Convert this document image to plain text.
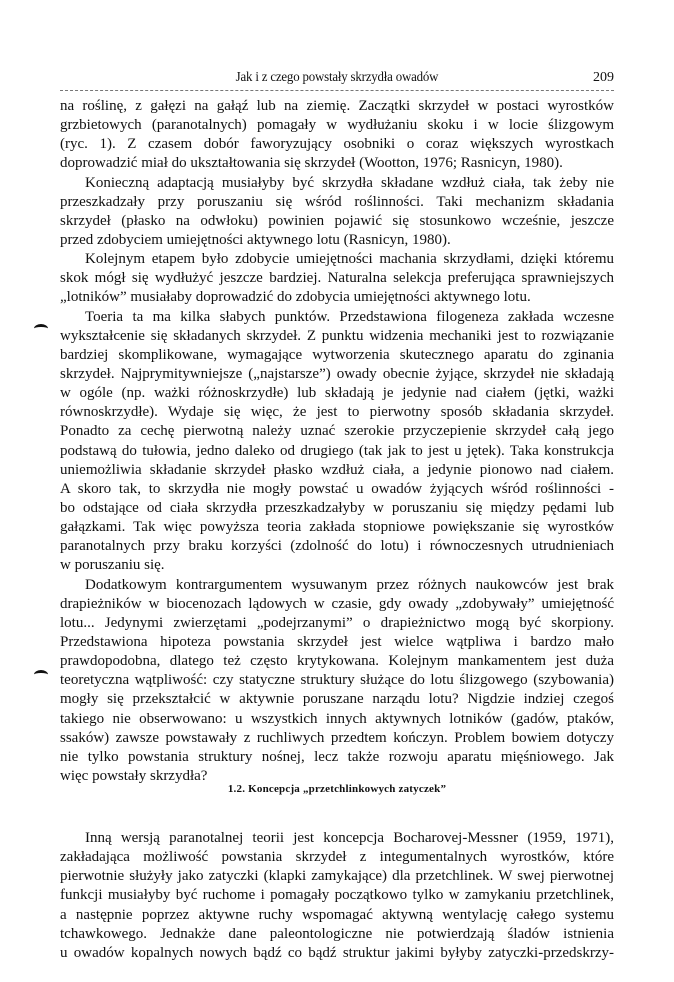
Jak i z czego powstały skrzydła owadów	209
na roślinę, z gałęzi na gałąź lub na ziemię. Zaczątki skrzydeł w postaci wyrostków
grzbietowych (paranotalnych) pomagały w wydłużaniu skoku i w locie ślizgowym
(ryc. 1). Z czasem dobór faworyzujący osobniki o coraz większych wyrostkach
doprowadzić miał do ukształtowania się skrzydeł (Wootton, 1976; Rasnicyn, 1980).
Konieczną adaptacją musiałyby być skrzydła składane wzdłuż ciała, tak żeby nie
przeszkadzały przy poruszaniu się wśród roślinności. Taki mechanizm składania
skrzydeł (płasko na odwłoku) powinien pojawić się stosunkowo wcześnie, jeszcze
przed zdobyciem umiejętności aktywnego lotu (Rasnicyn, 1980).
Kolejnym etapem było zdobycie umiejętności machania skrzydłami, dzięki któremu
skok mógł się wydłużyć jeszcze bardziej. Naturalna selekcja preferująca sprawniejszych
„lotników” musiałaby doprowadzić do zdobycia umiejętności aktywnego lotu.
Toeria ta ma kilka słabych punktów. Przedstawiona filogeneza zakłada wczesne
wykształcenie się składanych skrzydeł. Z punktu widzenia mechaniki jest to rozwiązanie
bardziej skomplikowane, wymagające wytworzenia skutecznego aparatu do zginania
skrzydeł. Najprymitywniejsze („najstarsze”) owady obecnie żyjące, skrzydeł nie składają
w ogóle (np. ważki różnoskrzydłe) lub składają je jedynie nad ciałem (jętki, ważki
równoskrzydłe). Wydaje się więc, że jest to pierwotny sposób składania skrzydeł.
Ponadto za cechę pierwotną należy uznać szerokie przyczepienie skrzydeł całą jego
podstawą do tułowia, jedno daleko od drugiego (tak jak to jest u jętek). Taka konstrukcja
uniemożliwia składanie skrzydeł płasko wzdłuż ciała, a jedynie pionowo nad ciałem.
A skoro tak, to skrzydła nie mogły powstać u owadów żyjących wśród roślinności -
bo odstające od ciała skrzydła przeszkadzałyby w poruszaniu się między pędami lub
gałązkami. Tak więc powyższa teoria zakłada stopniowe powiększanie się wyrostków
paranotalnych przy braku korzyści (zdolność do lotu) i równoczesnych utrudnieniach
w poruszaniu się.
Dodatkowym kontrargumentem wysuwanym przez różnych naukowców jest brak
drapieżników w biocenozach lądowych w czasie, gdy owady „zdobywały” umiejętność
lotu... Jedynymi zwierzętami „podejrzanymi” o drapieżnictwo mogą być skorpiony.
Przedstawiona hipoteza powstania skrzydeł jest wielce wątpliwa i bardzo mało
prawdopodobna, dlatego też często krytykowana. Kolejnym mankamentem jest duża
teoretyczna wątpliwość: czy statyczne struktury służące do lotu ślizgowego (szybowania)
mogły się przekształcić w aktywnie poruszane narządu lotu? Nigdzie indziej czegoś
takiego nie obserwowano: u wszystkich innych aktywnych lotników (gadów, ptaków,
ssaków) zawsze powstawały z ruchliwych przedtem kończyn. Problem bowiem dotyczy
nie tylko powstania struktury nośnej, lecz także rozwoju aparatu mięśniowego. Jak
więc powstały skrzydła?
1.2. Koncepcja „przetchlinkowych zatyczek”
Inną wersją paranotalnej teorii jest koncepcja Bocharovej-Messner (1959, 1971),
zakładająca możliwość powstania skrzydeł z integumentalnych wyrostków, które
pierwotnie służyły jako zatyczki (klapki zamykające) dla przetchlinek. W swej pierwotnej
funkcji musiałyby być ruchome i pomagały początkowo tylko w zamykaniu przetchlinek,
a następnie poprzez aktywne ruchy wspomagać aktywną wentylację całego systemu
tchawkowego. Jednakże dane paleontologiczne nie potwierdzają śladów istnienia
u owadów kopalnych nowych bądź co bądź struktur jakimi byłyby zatyczki-przedskrzy-
